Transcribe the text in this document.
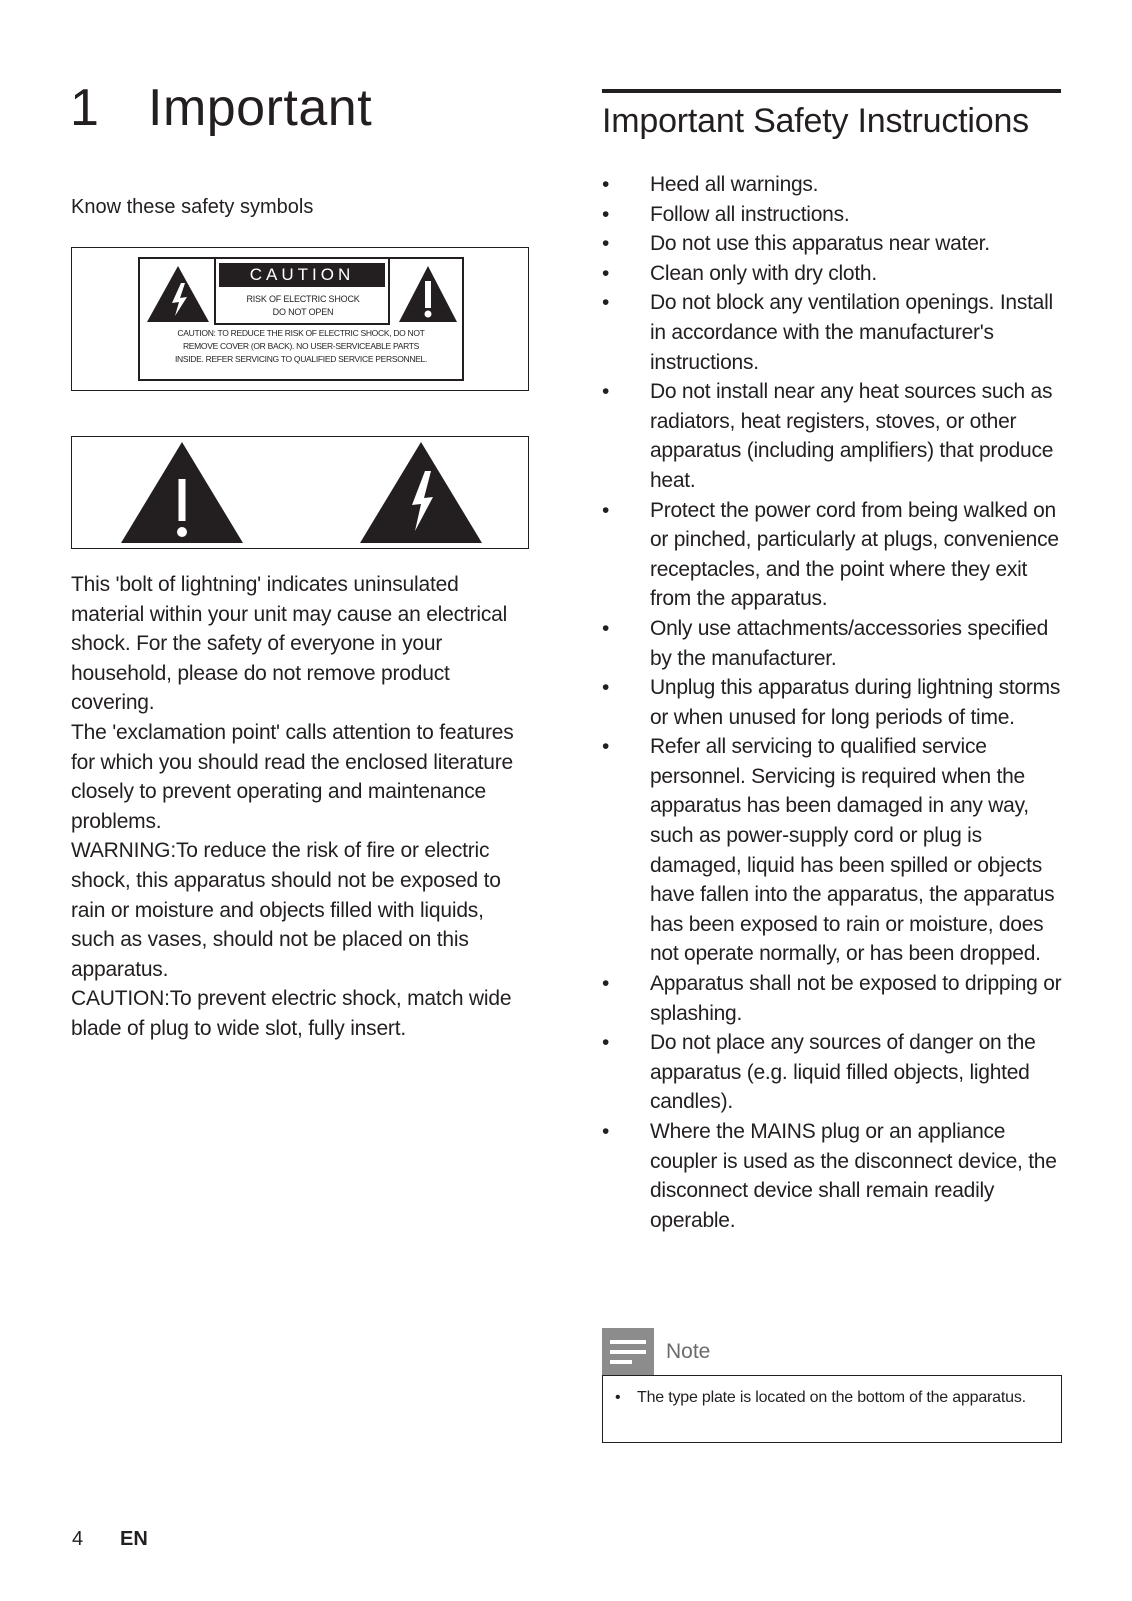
1 Important
Know these safety symbols
CAUTION
RISK OF ELECTRIC SHOCK
DO NOT OPEN
CAUTION: TO REDUCE THE RISK OF ELECTRIC SHOCK, DO NOT
REMOVE COVER (OR BACK). NO USER-SERVICEABLE PARTS
INSIDE. REFER SERVICING TO QUALIFIED SERVICE PERSONNEL.

This 'bolt of lightning' indicates uninsulated material within your unit may cause an electrical shock. For the safety of everyone in your household, please do not remove product covering.

The 'exclamation point' calls attention to features for which you should read the enclosed literature closely to prevent operating and maintenance problems.

WARNING:To reduce the risk of fire or electric shock, this apparatus should not be exposed to rain or moisture and objects filled with liquids, such as vases, should not be placed on this apparatus.

CAUTION:To prevent electric shock, match wide blade of plug to wide slot, fully insert.

Important Safety Instructions
• Heed all warnings.
• Follow all instructions.
• Do not use this apparatus near water.
• Clean only with dry cloth.
• Do not block any ventilation openings. Install in accordance with the manufacturer's instructions.
• Do not install near any heat sources such as radiators, heat registers, stoves, or other apparatus (including amplifiers) that produce heat.
• Protect the power cord from being walked on or pinched, particularly at plugs, convenience receptacles, and the point where they exit from the apparatus.
• Only use attachments/accessories specified by the manufacturer.
• Unplug this apparatus during lightning storms or when unused for long periods of time.
• Refer all servicing to qualified service personnel. Servicing is required when the apparatus has been damaged in any way, such as power-supply cord or plug is damaged, liquid has been spilled or objects have fallen into the apparatus, the apparatus has been exposed to rain or moisture, does not operate normally, or has been dropped.
• Apparatus shall not be exposed to dripping or splashing.
• Do not place any sources of danger on the apparatus (e.g. liquid filled objects, lighted candles).
• Where the MAINS plug or an appliance coupler is used as the disconnect device, the disconnect device shall remain readily operable.
Note
• The type plate is located on the bottom of the apparatus.
4 EN
